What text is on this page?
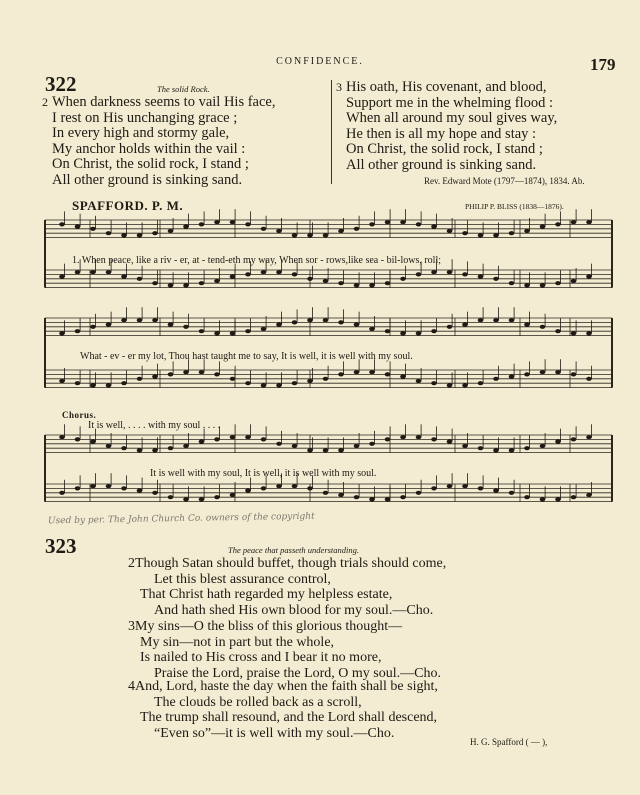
CONFIDENCE.	179
322	The solid Rock.
2 When darkness seems to vail His face,
I rest on His unchanging grace ;
In every high and stormy gale,
My anchor holds within the vail :
On Christ, the solid rock, I stand ;
All other ground is sinking sand.
3 His oath, His covenant, and blood,
Support me in the whelming flood :
When all around my soul gives way,
He then is all my hope and stay :
On Christ, the solid rock, I stand ;
All other ground is sinking sand.
Rev. Edward Mote (1797—1874), 1834. Ab.
SPAFFORD. P. M.	PHILIP P. BLISS (1838—1876).
1. When peace, like a riv - er, at - tend-eth my way, When sor - rows,like sea - bil-lows, roll;
What - ev - er my lot, Thou hast taught me to say, It is well, it is well with my soul.
Chorus.
It is well, . . . . with my soul . . . .
It is well with my soul, It is well, it is well with my soul.
Used by per. The John Church Co. owners of the copyright
323	The peace that passeth understanding.
2Though Satan should buffet, though trials should come,
Let this blest assurance control,
That Christ hath regarded my helpless estate,
And hath shed His own blood for my soul.—Cho.
3My sins—O the bliss of this glorious thought—
My sin—not in part but the whole,
Is nailed to His cross and I bear it no more,
Praise the Lord, praise the Lord, O my soul.—Cho.
4And, Lord, haste the day when the faith shall be sight,
The clouds be rolled back as a scroll,
The trump shall resound, and the Lord shall descend,
“Even so”—it is well with my soul.—Cho.
H. G. Spafford ( — ),
